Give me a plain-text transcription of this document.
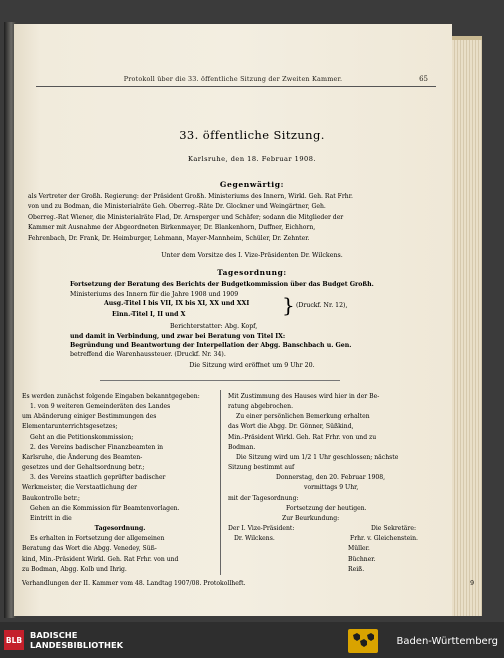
Protokoll über die 33. öffentliche Sitzung der Zweiten Kammer.	65
33. öffentliche Sitzung.
Karlsruhe, den 18. Februar 1908.
Gegenwärtig:
als Vertreter der Großh. Regierung: der Präsident Großh. Ministeriums des Innern, Wirkl. Geh. Rat Frhr.
von und zu Bodman, die Ministerialräte Geh. Oberreg.-Räte Dr. Glockner und Weingärtner, Geh.
Oberreg.-Rat Wiener, die Ministerialräte Flad, Dr. Arnsperger und Schäfer; sodann die Mitglieder der
Kammer mit Ausnahme der Abgeordneten Birkenmayer, Dr. Blankenhorn, Duffner, Eichhorn,
Fehrenbach, Dr. Frank, Dr. Heimburger, Lehmann, Mayer-Mannheim, Schüler, Dr. Zehnter.
Unter dem Vorsitze des I. Vize-Präsidenten Dr. Wilckens.
Tagesordnung:
Fortsetzung der Beratung des Berichts der Budgetkommission über das Budget Großh.
Ministeriums des Innern für die Jahre 1908 und 1909
Ausg.-Titel I bis VII, IX bis XI, XX und XXI
Einn.-Titel I, II und X	} (Druckf. Nr. 12),
Berichterstatter: Abg. Kopf,
und damit in Verbindung, und zwar bei Beratung von Titel IX:
Begründung und Beantwortung der Interpellation der Abgg. Banschbach u. Gen.
betreffend die Warenhaussteuer. (Druckf. Nr. 34).
Die Sitzung wird eröffnet um 9 Uhr 20.
Es werden zunächst folgende Eingaben bekanntgegeben:
1. von 9 weiteren Gemeinderäten des Landes
um Abänderung einiger Bestimmungen des
Elementarunterrichtsgesetzes;
Geht an die Petitionskommission;
2. des Vereins badischer Finanzbeamten in
Karlsruhe, die Änderung des Beamten-
gesetzes und der Gehaltsordnung betr.;
3. des Vereins staatlich geprüfter badischer
Werkmeister, die Verstaatlichung der
Baukontrolle betr.;
Gehen an die Kommission für Beamtenvorlagen.
Eintritt in die
Tagesordnung.
Es erhalten in Fortsetzung der allgemeinen
Beratung das Wort die Abgg. Venedey, Süß-
kind, Min.-Präsident Wirkl. Geh. Rat Frhr. von und
zu Bodman, Abgg. Kolb und Ihrig.
Mit Zustimmung des Hauses wird hier in der Be-
ratung abgebrochen.
Zu einer persönlichen Bemerkung erhalten
das Wort die Abgg. Dr. Gönner, Süßkind,
Min.-Präsident Wirkl. Geh. Rat Frhr. von und zu
Bodman.
Die Sitzung wird um 1/2 1 Uhr geschlossen; nächste
Sitzung bestimmt auf
Donnerstag, den 20. Februar 1908,
vormittags 9 Uhr,
mit der Tagesordnung:
Fortsetzung der heutigen.
Zur Beurkundung:
Der I. Vize-Präsident:	Die Sekretäre:
Dr. Wilckens.	Frhr. v. Gleichenstein.
Müller.
Büchner.
Reiß.
Verhandlungen der II. Kammer vom 48. Landtag 1907/08. Protokollheft.	9
BLB BADISCHE
LANDESBIBLIOTHEK	Baden-Württemberg
